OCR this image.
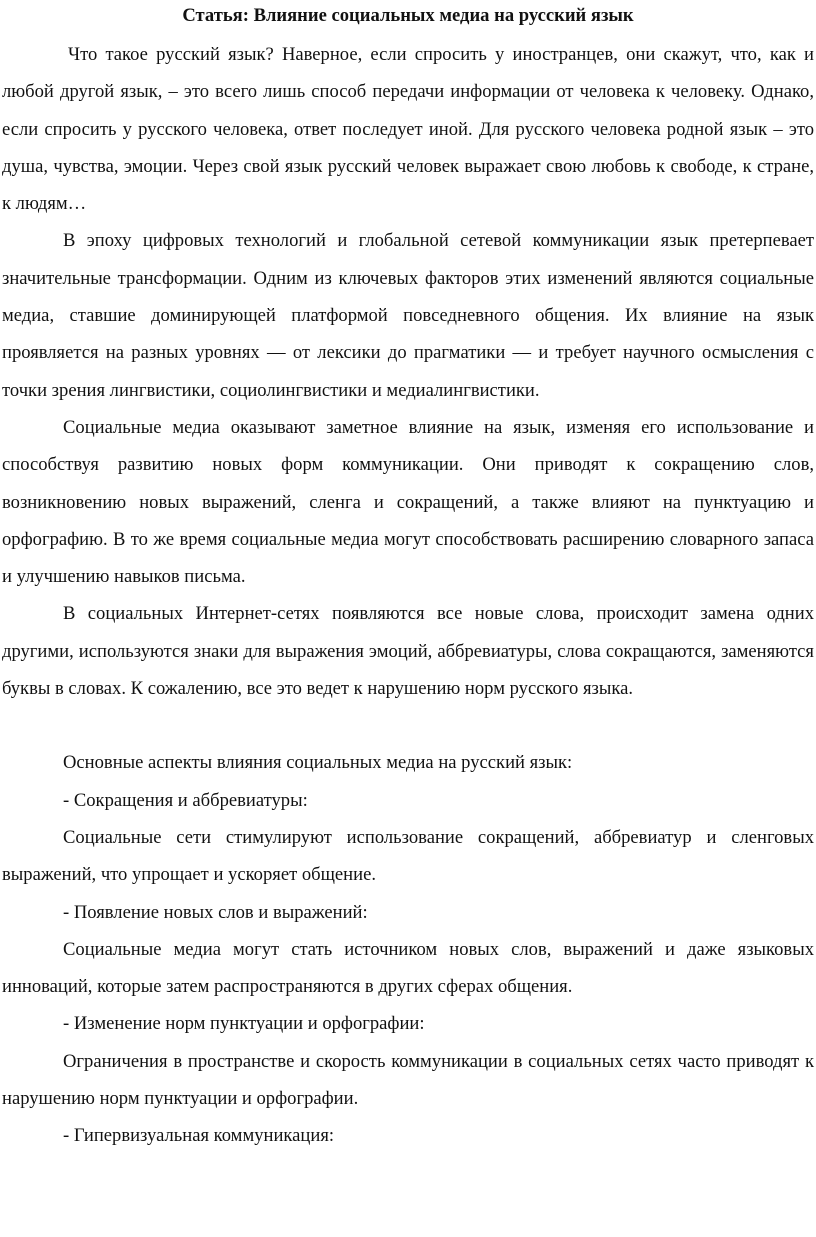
Статья: Влияние социальных медиа на русский язык

Что такое русский язык? Наверное, если спросить у иностранцев, они скажут, что, как и любой другой язык, – это всего лишь способ передачи информации от человека к человеку. Однако, если спросить у русского человека, ответ последует иной. Для русского человека родной язык – это душа, чувства, эмоции. Через свой язык русский человек выражает свою любовь к свободе, к стране, к людям…

В эпоху цифровых технологий и глобальной сетевой коммуникации язык претерпевает значительные трансформации. Одним из ключевых факторов этих изменений являются социальные медиа, ставшие доминирующей платформой повседневного общения. Их влияние на язык проявляется на разных уровнях — от лексики до прагматики — и требует научного осмысления с точки зрения лингвистики, социолингвистики и медиалингвистики.

Социальные медиа оказывают заметное влияние на язык, изменяя его использование и способствуя развитию новых форм коммуникации. Они приводят к сокращению слов, возникновению новых выражений, сленга и сокращений, а также влияют на пунктуацию и орфографию. В то же время социальные медиа могут способствовать расширению словарного запаса и улучшению навыков письма.

В социальных Интернет-сетях появляются все новые слова, происходит замена одних другими, используются знаки для выражения эмоций, аббревиатуры, слова сокращаются, заменяются буквы в словах. К сожалению, все это ведет к нарушению норм русского языка.

Основные аспекты влияния социальных медиа на русский язык:

- Сокращения и аббревиатуры:

Социальные сети стимулируют использование сокращений, аббревиатур и сленговых выражений, что упрощает и ускоряет общение.

- Появление новых слов и выражений:

Социальные медиа могут стать источником новых слов, выражений и даже языковых инноваций, которые затем распространяются в других сферах общения.

- Изменение норм пунктуации и орфографии:

Ограничения в пространстве и скорость коммуникации в социальных сетях часто приводят к нарушению норм пунктуации и орфографии.

- Гипервизуальная коммуникация:
